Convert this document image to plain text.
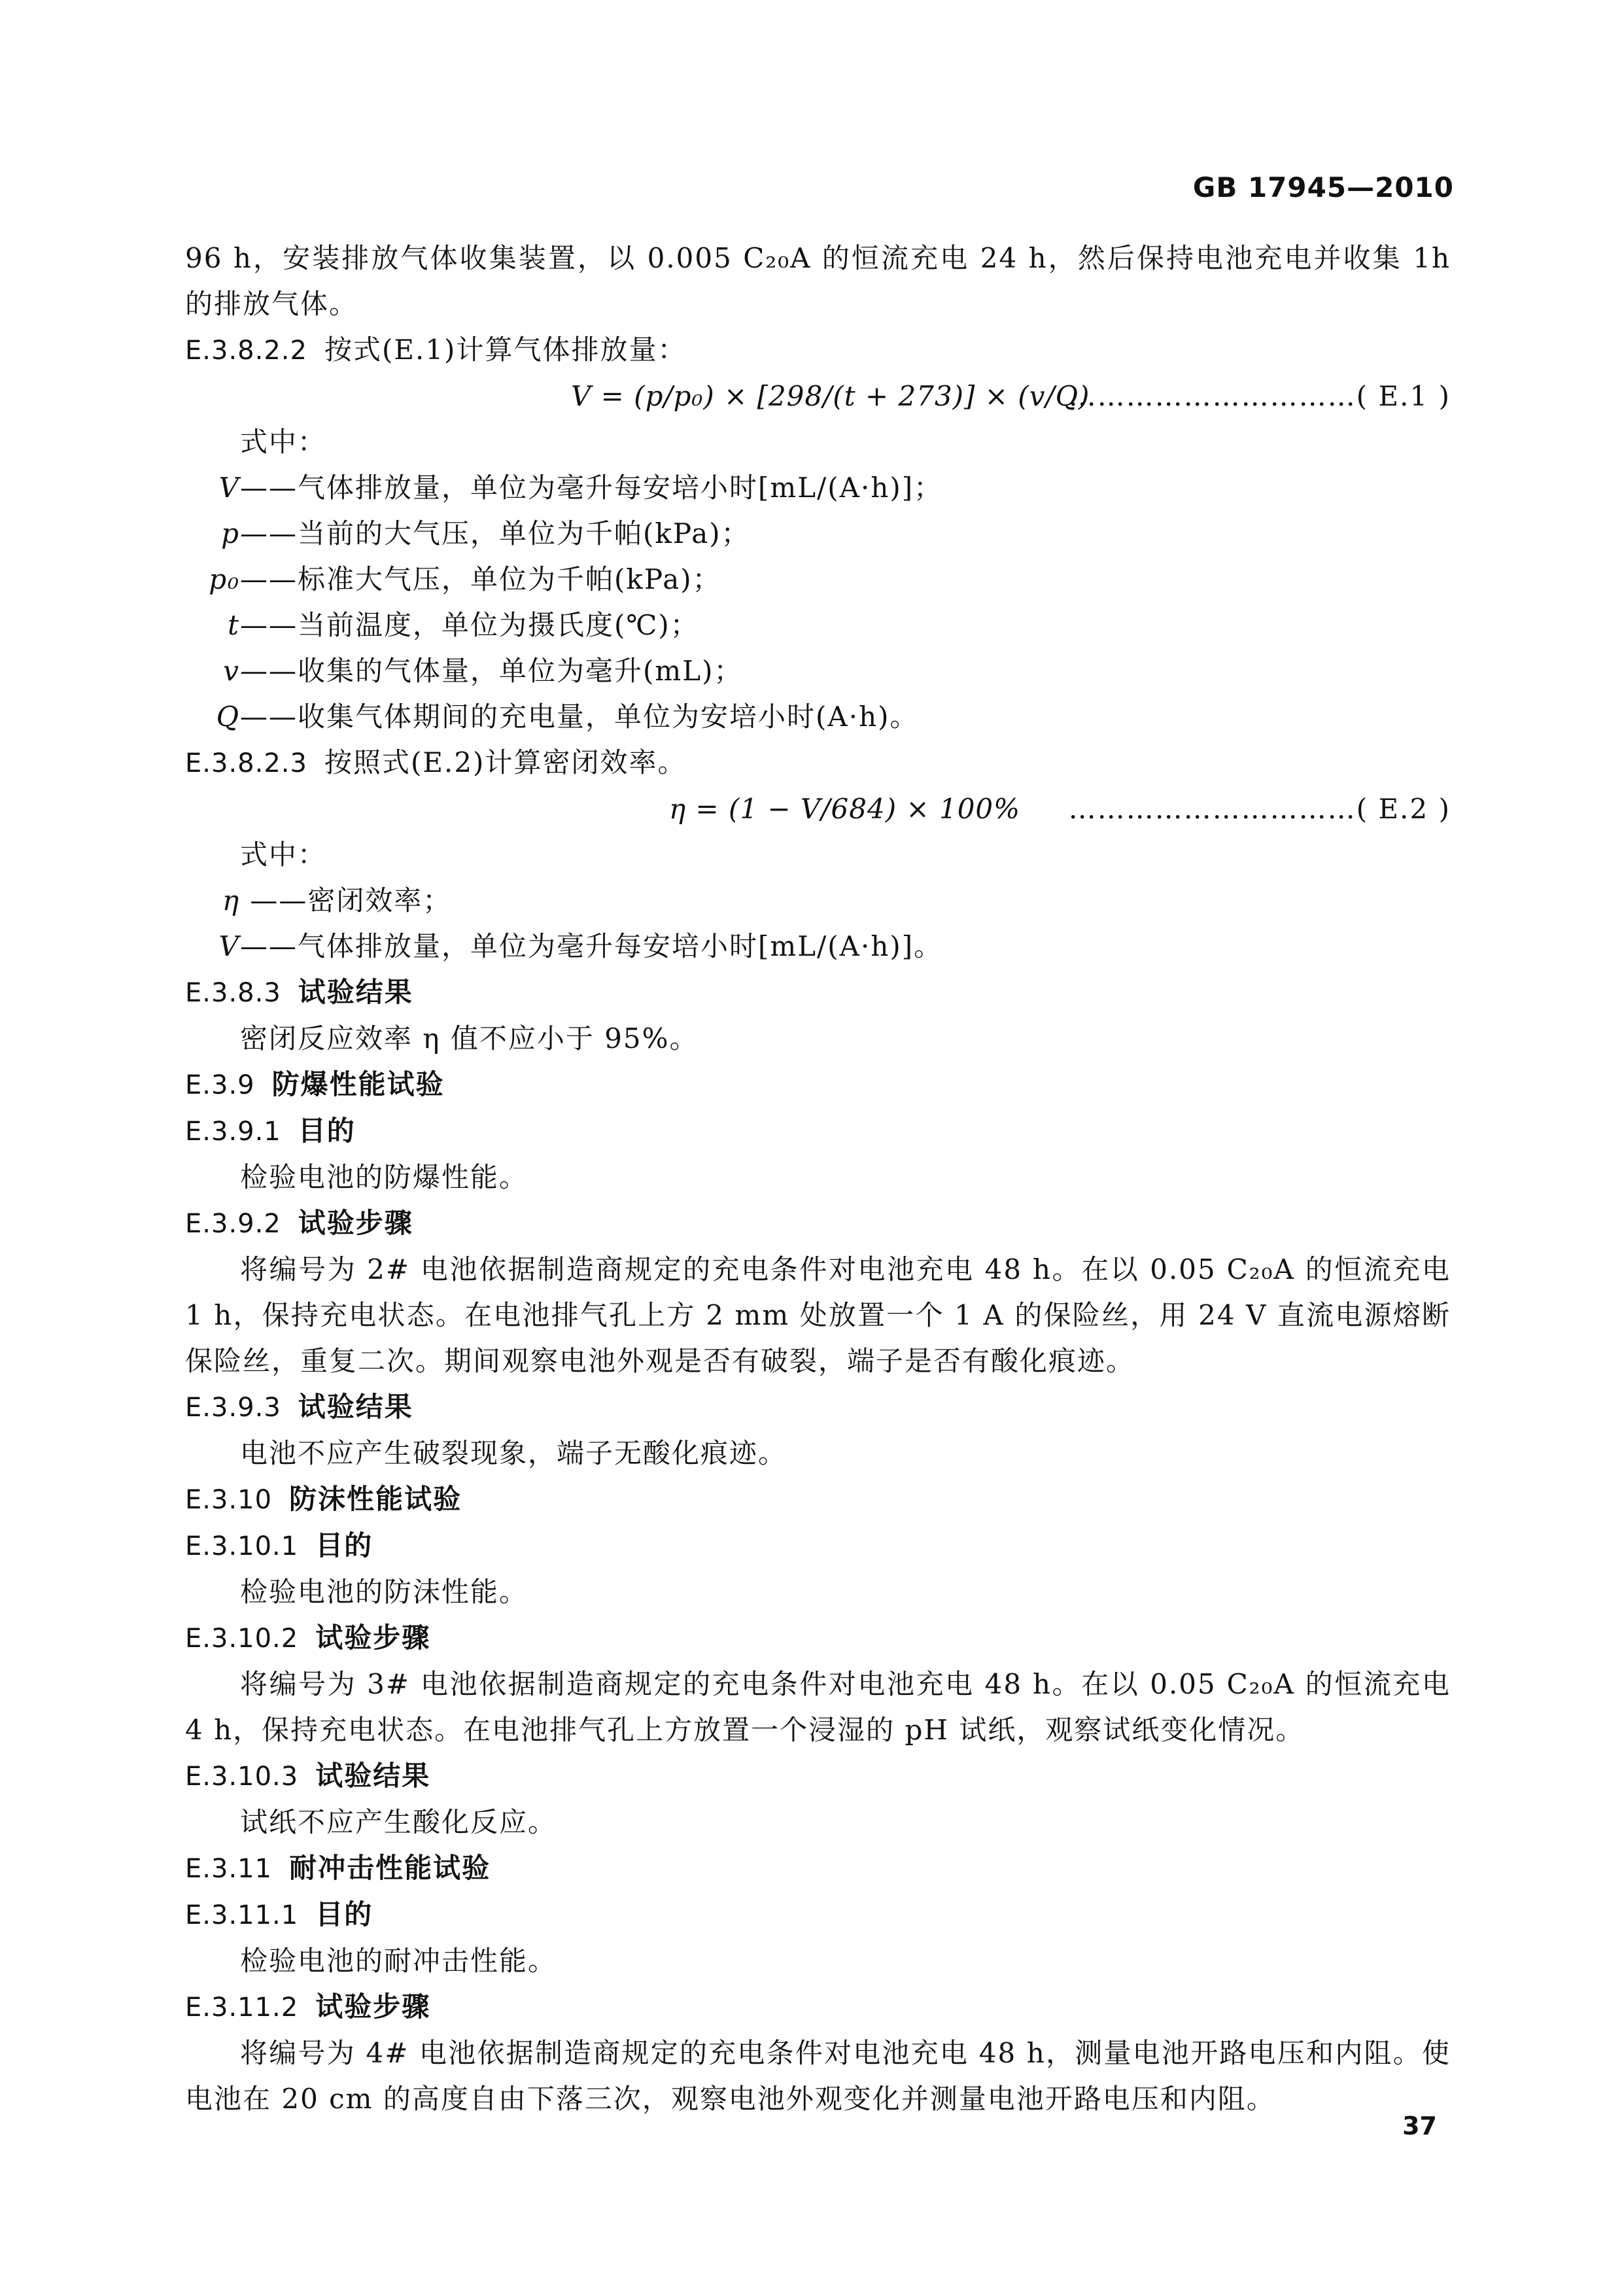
GB 17945—2010
96 h，安装排放气体收集装置，以 0.005 C₂₀A 的恒流充电 24 h，然后保持电池充电并收集 1h 的排放气体。
E.3.8.2.2 按式(E.1)计算气体排放量：
V = (p/p₀) × [298/(t + 273)] × (v/Q)
…………………………( E.1 )
式中：
V——气体排放量，单位为毫升每安培小时[mL/(A·h)]；
p——当前的大气压，单位为千帕(kPa)；
p₀——标准大气压，单位为千帕(kPa)；
t——当前温度，单位为摄氏度(℃)；
v——收集的气体量，单位为毫升(mL)；
Q——收集气体期间的充电量，单位为安培小时(A·h)。
E.3.8.2.3 按照式(E.2)计算密闭效率。
η = (1 − V/684) × 100% …………………………( E.2 )
式中：
η ——密闭效率；
V——气体排放量，单位为毫升每安培小时[mL/(A·h)]。
E.3.8.3 试验结果
密闭反应效率 η 值不应小于 95%。
E.3.9 防爆性能试验
E.3.9.1 目的
检验电池的防爆性能。
E.3.9.2 试验步骤
将编号为 2# 电池依据制造商规定的充电条件对电池充电 48 h。在以 0.05 C₂₀A 的恒流充电 1 h，保持充电状态。在电池排气孔上方 2 mm 处放置一个 1 A 的保险丝，用 24 V 直流电源熔断保险丝，重复二次。期间观察电池外观是否有破裂，端子是否有酸化痕迹。
E.3.9.3 试验结果
电池不应产生破裂现象，端子无酸化痕迹。
E.3.10 防沫性能试验
E.3.10.1 目的
检验电池的防沫性能。
E.3.10.2 试验步骤
将编号为 3# 电池依据制造商规定的充电条件对电池充电 48 h。在以 0.05 C₂₀A 的恒流充电 4 h，保持充电状态。在电池排气孔上方放置一个浸湿的 pH 试纸，观察试纸变化情况。
E.3.10.3 试验结果
试纸不应产生酸化反应。
E.3.11 耐冲击性能试验
E.3.11.1 目的
检验电池的耐冲击性能。
E.3.11.2 试验步骤
将编号为 4# 电池依据制造商规定的充电条件对电池充电 48 h，测量电池开路电压和内阻。使电池在 20 cm 的高度自由下落三次，观察电池外观变化并测量电池开路电压和内阻。
37
